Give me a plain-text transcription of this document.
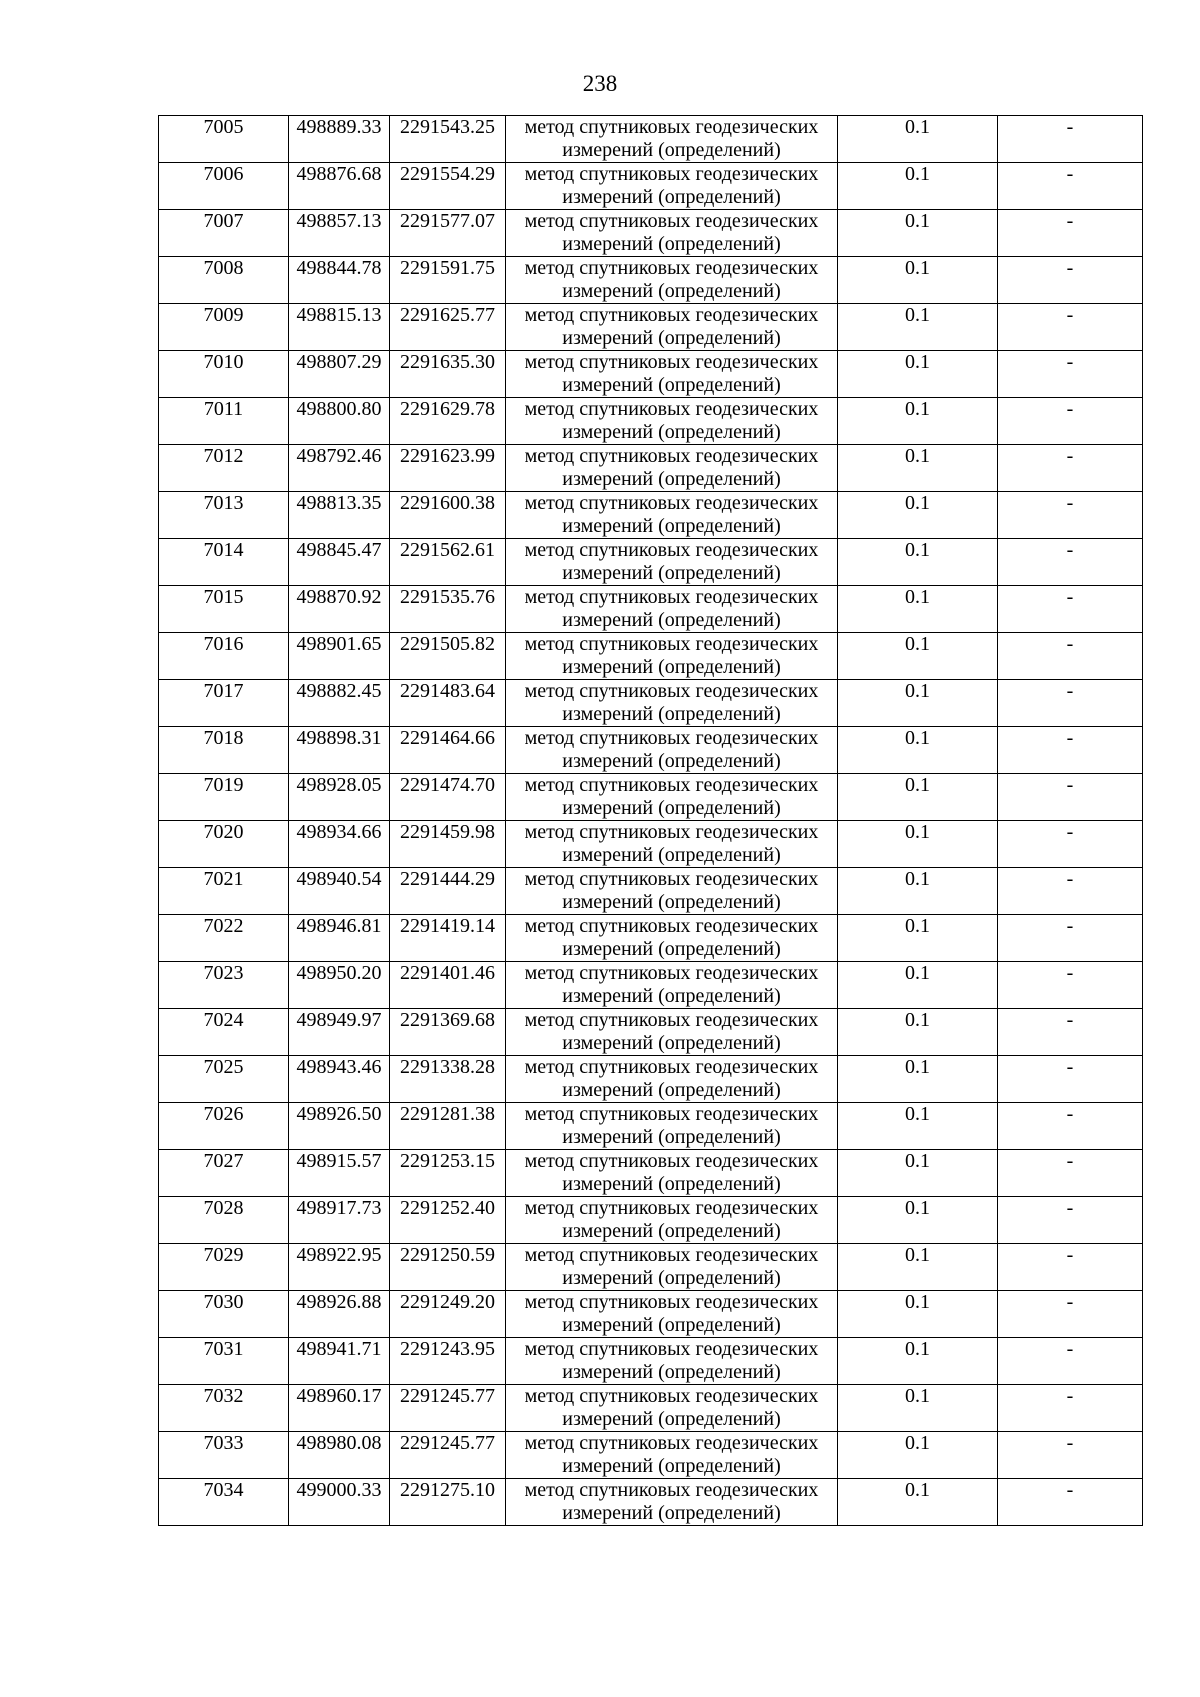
238
7005	498889.33	2291543.25	метод спутниковых геодезических
измерений (определений)	0.1	-
7006	498876.68	2291554.29	метод спутниковых геодезических
измерений (определений)	0.1	-
7007	498857.13	2291577.07	метод спутниковых геодезических
измерений (определений)	0.1	-
7008	498844.78	2291591.75	метод спутниковых геодезических
измерений (определений)	0.1	-
7009	498815.13	2291625.77	метод спутниковых геодезических
измерений (определений)	0.1	-
7010	498807.29	2291635.30	метод спутниковых геодезических
измерений (определений)	0.1	-
7011	498800.80	2291629.78	метод спутниковых геодезических
измерений (определений)	0.1	-
7012	498792.46	2291623.99	метод спутниковых геодезических
измерений (определений)	0.1	-
7013	498813.35	2291600.38	метод спутниковых геодезических
измерений (определений)	0.1	-
7014	498845.47	2291562.61	метод спутниковых геодезических
измерений (определений)	0.1	-
7015	498870.92	2291535.76	метод спутниковых геодезических
измерений (определений)	0.1	-
7016	498901.65	2291505.82	метод спутниковых геодезических
измерений (определений)	0.1	-
7017	498882.45	2291483.64	метод спутниковых геодезических
измерений (определений)	0.1	-
7018	498898.31	2291464.66	метод спутниковых геодезических
измерений (определений)	0.1	-
7019	498928.05	2291474.70	метод спутниковых геодезических
измерений (определений)	0.1	-
7020	498934.66	2291459.98	метод спутниковых геодезических
измерений (определений)	0.1	-
7021	498940.54	2291444.29	метод спутниковых геодезических
измерений (определений)	0.1	-
7022	498946.81	2291419.14	метод спутниковых геодезических
измерений (определений)	0.1	-
7023	498950.20	2291401.46	метод спутниковых геодезических
измерений (определений)	0.1	-
7024	498949.97	2291369.68	метод спутниковых геодезических
измерений (определений)	0.1	-
7025	498943.46	2291338.28	метод спутниковых геодезических
измерений (определений)	0.1	-
7026	498926.50	2291281.38	метод спутниковых геодезических
измерений (определений)	0.1	-
7027	498915.57	2291253.15	метод спутниковых геодезических
измерений (определений)	0.1	-
7028	498917.73	2291252.40	метод спутниковых геодезических
измерений (определений)	0.1	-
7029	498922.95	2291250.59	метод спутниковых геодезических
измерений (определений)	0.1	-
7030	498926.88	2291249.20	метод спутниковых геодезических
измерений (определений)	0.1	-
7031	498941.71	2291243.95	метод спутниковых геодезических
измерений (определений)	0.1	-
7032	498960.17	2291245.77	метод спутниковых геодезических
измерений (определений)	0.1	-
7033	498980.08	2291245.77	метод спутниковых геодезических
измерений (определений)	0.1	-
7034	499000.33	2291275.10	метод спутниковых геодезических
измерений (определений)	0.1	-
